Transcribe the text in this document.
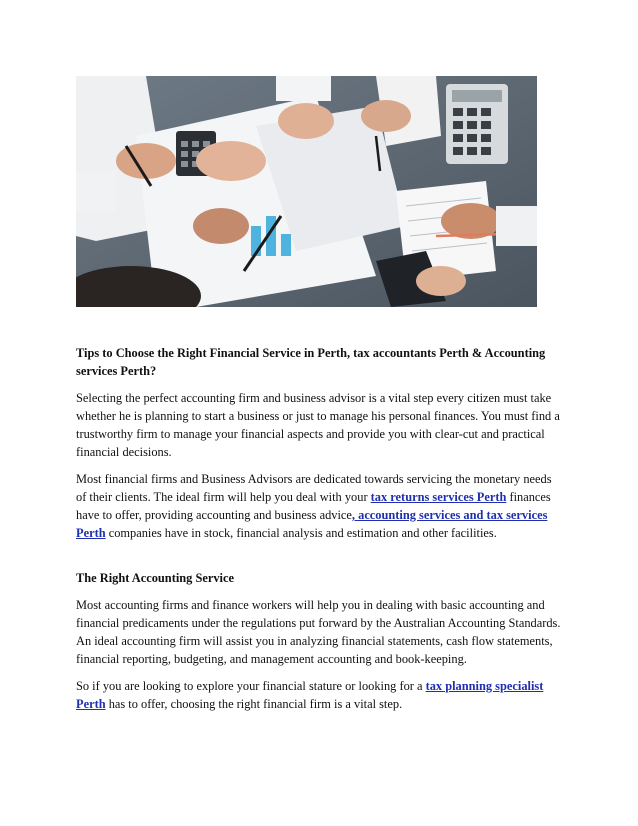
Tips to Choose the Right Financial Service in Perth, tax accountants Perth & Accounting services Perth?

Selecting the perfect accounting firm and business advisor is a vital step every citizen must take whether he is planning to start a business or just to manage his personal finances. You must find a trustworthy firm to manage your financial aspects and provide you with clear-cut and practical financial decisions.

Most financial firms and Business Advisors are dedicated towards servicing the monetary needs of their clients. The ideal firm will help you deal with your tax returns services Perth finances have to offer, providing accounting and business advice, accounting services and tax services Perth companies have in stock, financial analysis and estimation and other facilities.

The Right Accounting Service

Most accounting firms and finance workers will help you in dealing with basic accounting and financial predicaments under the regulations put forward by the Australian Accounting Standards. An ideal accounting firm will assist you in analyzing financial statements, cash flow statements, financial reporting, budgeting, and management accounting and book-keeping.

So if you are looking to explore your financial stature or looking for a tax planning specialist Perth has to offer, choosing the right financial firm is a vital step.
